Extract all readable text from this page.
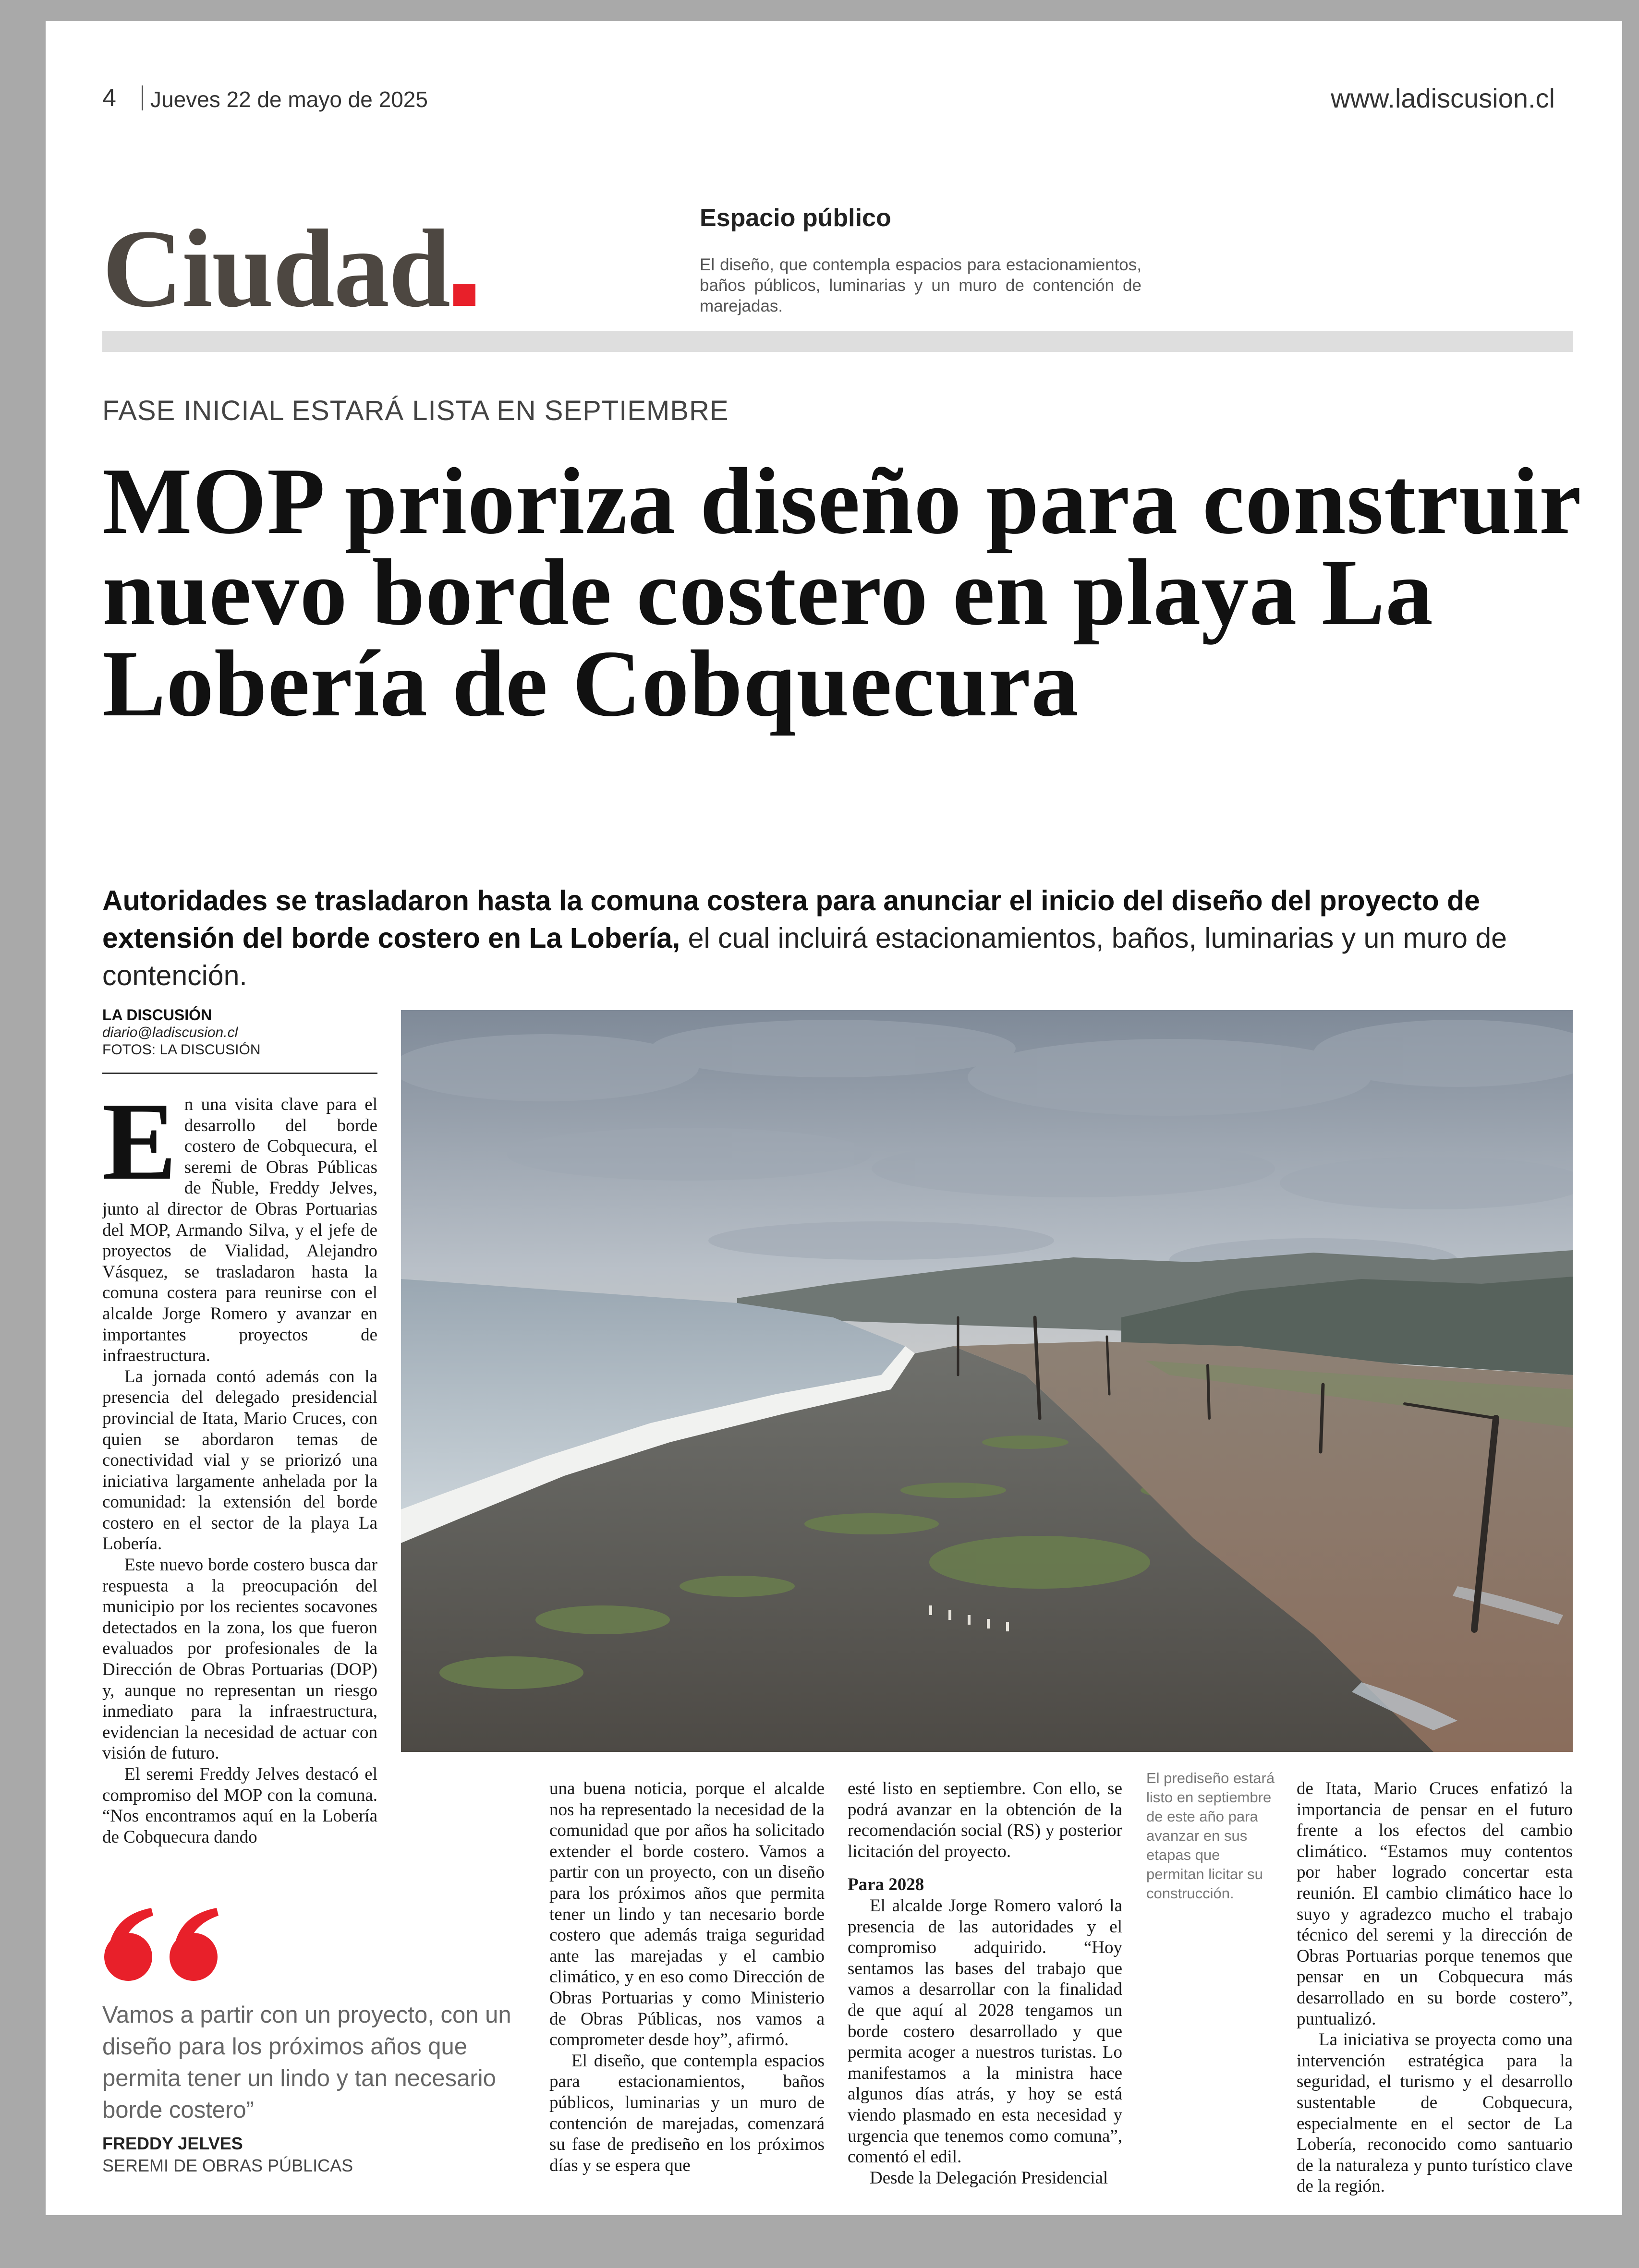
4 Jueves 22 de mayo de 2025	www.ladiscusion.cl
Ciudad	Espacio público
El diseño, que contempla espacios para estacionamientos, baños públicos, luminarias y un muro de contención de marejadas.
FASE INICIAL ESTARÁ LISTA EN SEPTIEMBRE
MOP prioriza diseño para construir nuevo borde costero en playa La Lobería de Cobquecura
Autoridades se trasladaron hasta la comuna costera para anunciar el inicio del diseño del proyecto de extensión del borde costero en La Lobería, el cual incluirá estacionamientos, baños, luminarias y un muro de contención.
LA DISCUSIÓN
diario@ladiscusion.cl
FOTOS: LA DISCUSIÓN

En una visita clave para el desarrollo del borde costero de Cobquecura, el seremi de Obras Públicas de Ñuble, Freddy Jelves, junto al director de Obras Portuarias del MOP, Armando Silva, y el jefe de proyectos de Vialidad, Alejandro Vásquez, se trasladaron hasta la comuna costera para reunirse con el alcalde Jorge Romero y avanzar en importantes proyectos de infraestructura.

La jornada contó además con la presencia del delegado presidencial provincial de Itata, Mario Cruces, con quien se abordaron temas de conectividad vial y se priorizó una iniciativa largamente anhelada por la comunidad: la extensión del borde costero en el sector de la playa La Lobería.

Este nuevo borde costero busca dar respuesta a la preocupación del municipio por los recientes socavones detectados en la zona, los que fueron evaluados por profesionales de la Dirección de Obras Portuarias (DOP) y, aunque no representan un riesgo inmediato para la infraestructura, evidencian la necesidad de actuar con visión de futuro.

El seremi Freddy Jelves destacó el compromiso del MOP con la comuna. “Nos encontramos aquí en la Lobería de Cobquecura dando

una buena noticia, porque el alcalde nos ha representado la necesidad de la comunidad que por años ha solicitado extender el borde costero. Vamos a partir con un proyecto, con un diseño para los próximos años que permita tener un lindo y tan necesario borde costero que además traiga seguridad ante las marejadas y el cambio climático, y en eso como Dirección de Obras Portuarias y como Ministerio de Obras Públicas, nos vamos a comprometer desde hoy”, afirmó.

El diseño, que contempla espacios para estacionamientos, baños públicos, luminarias y un muro de contención de marejadas, comenzará su fase de prediseño en los próximos días y se espera que

esté listo en septiembre. Con ello, se podrá avanzar en la obtención de la recomendación social (RS) y posterior licitación del proyecto.

Para 2028

El alcalde Jorge Romero valoró la presencia de las autoridades y el compromiso adquirido. “Hoy sentamos las bases del trabajo que vamos a desarrollar con la finalidad de que aquí al 2028 tengamos un borde costero desarrollado y que permita acoger a nuestros turistas. Lo manifestamos a la ministra hace algunos días atrás, y hoy se está viendo plasmado en esta necesidad y urgencia que tenemos como comuna”, comentó el edil.

Desde la Delegación Presidencial

El prediseño estará listo en septiembre de este año para avanzar en sus etapas que permitan licitar su construcción.

de Itata, Mario Cruces enfatizó la importancia de pensar en el futuro frente a los efectos del cambio climático. “Estamos muy contentos por haber logrado concertar esta reunión. El cambio climático hace lo suyo y agradezco mucho el trabajo técnico del seremi y la dirección de Obras Portuarias porque tenemos que pensar en un Cobquecura más desarrollado en su borde costero”, puntualizó.

La iniciativa se proyecta como una intervención estratégica para la seguridad, el turismo y el desarrollo sustentable de Cobquecura, especialmente en el sector de La Lobería, reconocido como santuario de la naturaleza y punto turístico clave de la región.

Vamos a partir con un proyecto, con un diseño para los próximos años que permita tener un lindo y tan necesario borde costero”
FREDDY JELVES
SEREMI DE OBRAS PÚBLICAS
